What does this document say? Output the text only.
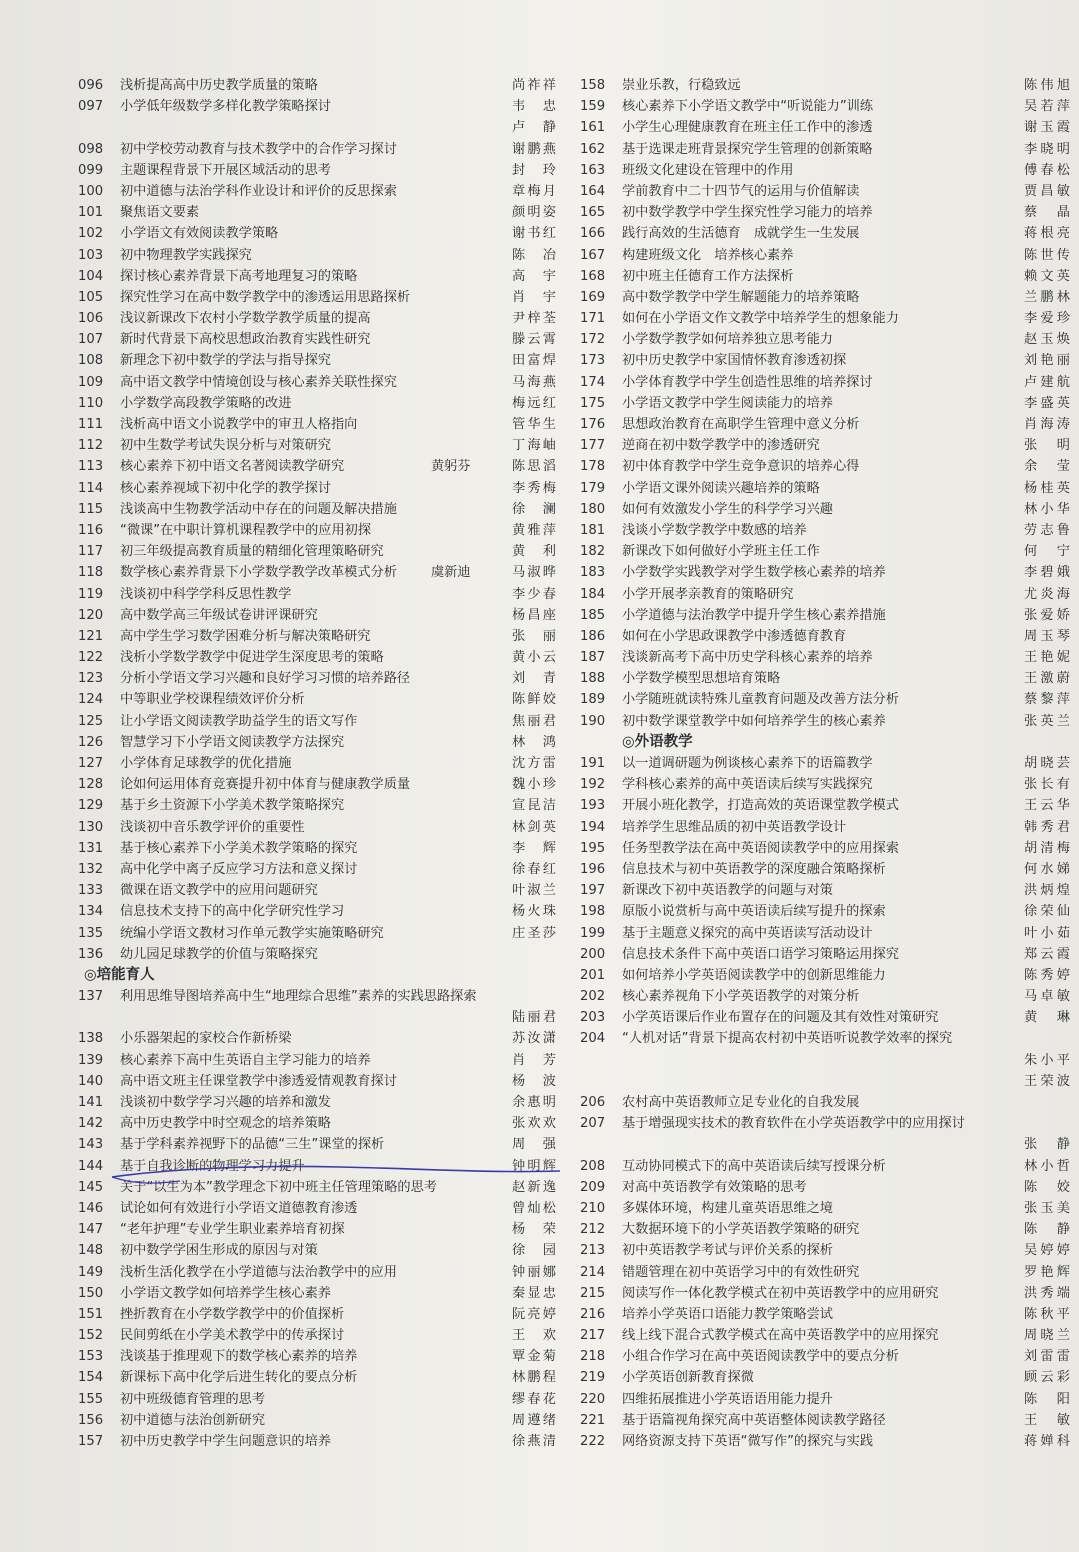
096	浅析提高高中历史教学质量的策略	尚祚祥
097	小学低年级数学多样化教学策略探讨	韦　忠
卢　静
098	初中学校劳动教育与技术教学中的合作学习探讨	谢鹏燕
099	主题课程背景下开展区域活动的思考	封　玲
100	初中道德与法治学科作业设计和评价的反思探索	章梅月
101	聚焦语文要素	颜明姿
102	小学语文有效阅读教学策略	谢书红
103	初中物理教学实践探究	陈　冶
104	探讨核心素养背景下高考地理复习的策略	高　宇
105	探究性学习在高中数学教学中的渗透运用思路探析	肖　宇
106	浅议新课改下农村小学数学教学质量的提高	尹梓荃
107	新时代背景下高校思想政治教育实践性研究	滕云霄
108	新理念下初中数学的学法与指导探究	田富焊
109	高中语文教学中情境创设与核心素养关联性探究	马海燕
110	小学数学高段教学策略的改进	梅远红
111	浅析高中语文小说教学中的审丑人格指向	管华生
112	初中生数学考试失误分析与对策研究	丁海岫
113	核心素养下初中语文名著阅读教学研究	黄躬芬	陈思滔
114	核心素养视域下初中化学的教学探讨	李秀梅
115	浅谈高中生物教学活动中存在的问题及解决措施	徐　澜
116	“微课”在中职计算机课程教学中的应用初探	黄雅萍
117	初三年级提高教育质量的精细化管理策略研究	黄　利
118	数学核心素养背景下小学数学教学改革模式分析	虞新迪	马淑晔
119	浅谈初中科学学科反思性教学	李少春
120	高中数学高三年级试卷讲评课研究	杨昌座
121	高中学生学习数学困难分析与解决策略研究	张　丽
122	浅析小学数学教学中促进学生深度思考的策略	黄小云
123	分析小学语文学习兴趣和良好学习习惯的培养路径	刘　青
124	中等职业学校课程绩效评价分析	陈鲜姣
125	让小学语文阅读教学助益学生的语文写作	焦丽君
126	智慧学习下小学语文阅读教学方法探究	林　鸿
127	小学体育足球教学的优化措施	沈方雷
128	论如何运用体育竞赛提升初中体育与健康教学质量	魏小珍
129	基于乡土资源下小学美术教学策略探究	宣昆洁
130	浅谈初中音乐教学评价的重要性	林剑英
131	基于核心素养下小学美术教学策略的探究	李　辉
132	高中化学中离子反应学习方法和意义探讨	徐春红
133	微课在语文教学中的应用问题研究	叶淑兰
134	信息技术支持下的高中化学研究性学习	杨火珠
135	统编小学语文教材习作单元教学实施策略研究	庄圣莎
136	幼儿园足球教学的价值与策略探究
◎培能育人
137	利用思维导图培养高中生“地理综合思维”素养的实践思路探索
陆丽君
138	小乐器架起的家校合作新桥梁	苏汝潇
139	核心素养下高中生英语自主学习能力的培养	肖　芳
140	高中语文班主任课堂教学中渗透爱情观教育探讨	杨　波
141	浅谈初中数学学习兴趣的培养和激发	余惠明
142	高中历史教学中时空观念的培养策略	张欢欢
143	基于学科素养视野下的品德“三生”课堂的探析	周　强
144	基于自我诊断的物理学习力提升	钟明辉
145	关于“以生为本”教学理念下初中班主任管理策略的思考	赵新逸
146	试论如何有效进行小学语文道德教育渗透	曾灿松
147	“老年护理”专业学生职业素养培育初探	杨　荣
148	初中数学学困生形成的原因与对策	徐　园
149	浅析生活化教学在小学道德与法治教学中的应用	钟丽娜
150	小学语文教学如何培养学生核心素养	秦显忠
151	挫折教育在小学数学教学中的价值探析	阮亮婷
152	民间剪纸在小学美术教学中的传承探讨	王　欢
153	浅谈基于推理观下的数学核心素养的培养	覃金菊
154	新课标下高中化学后进生转化的要点分析	林鹏程
155	初中班级德育管理的思考	缪春花
156	初中道德与法治创新研究	周遵绪
157	初中历史教学中学生问题意识的培养	徐燕清
158	崇业乐教，行稳致远	陈伟旭
159	核心素养下小学语文教学中“听说能力”训练	吴若萍
161	小学生心理健康教育在班主任工作中的渗透	谢玉霞
162	基于选课走班背景探究学生管理的创新策略	李晓明
163	班级文化建设在管理中的作用	傅春松
164	学前教育中二十四节气的运用与价值解读	贾昌敏
165	初中数学教学中学生探究性学习能力的培养	蔡　晶
166	践行高效的生活德育　成就学生一生发展	蒋根亮
167	构建班级文化　培养核心素养	陈世传
168	初中班主任德育工作方法探析	赖文英
169	高中数学教学中学生解题能力的培养策略	兰鹏林
171	如何在小学语文作文教学中培养学生的想象能力	李爱珍
172	小学数学教学如何培养独立思考能力	赵玉焕
173	初中历史教学中家国情怀教育渗透初探	刘艳丽
174	小学体育教学中学生创造性思维的培养探讨	卢建航
175	小学语文教学中学生阅读能力的培养	李盛英
176	思想政治教育在高职学生管理中意义分析	肖海涛
177	逆商在初中数学教学中的渗透研究	张　明
178	初中体育教学中学生竞争意识的培养心得	余　莹
179	小学语文课外阅读兴趣培养的策略	杨桂英
180	如何有效激发小学生的科学学习兴趣	林小华
181	浅谈小学数学教学中数感的培养	劳志鲁
182	新课改下如何做好小学班主任工作	何　宁
183	小学数学实践教学对学生数学核心素养的培养	李碧娥
184	小学开展孝亲教育的策略研究	尤炎海
185	小学道德与法治教学中提升学生核心素养措施	张爱娇
186	如何在小学思政课教学中渗透德育教育	周玉琴
187	浅谈新高考下高中历史学科核心素养的培养	王艳妮
188	小学数学模型思想培育策略	王激蔚
189	小学随班就读特殊儿童教育问题及改善方法分析	蔡黎萍
190	初中数学课堂教学中如何培养学生的核心素养	张英兰
◎外语教学
191	以一道调研题为例谈核心素养下的语篇教学	胡晓芸
192	学科核心素养的高中英语读后续写实践探究	张长有
193	开展小班化教学，打造高效的英语课堂教学模式	王云华
194	培养学生思维品质的初中英语教学设计	韩秀君
195	任务型教学法在高中英语阅读教学中的应用探索	胡清梅
196	信息技术与初中英语教学的深度融合策略探析	何水娣
197	新课改下初中英语教学的问题与对策	洪炳煌
198	原版小说赏析与高中英语读后续写提升的探索	徐荣仙
199	基于主题意义探究的高中英语读写活动设计	叶小茹
200	信息技术条件下高中英语口语学习策略运用探究	郑云霞
201	如何培养小学英语阅读教学中的创新思维能力	陈秀婷
202	核心素养视角下小学英语教学的对策分析	马卓敏
203	小学英语课后作业布置存在的问题及其有效性对策研究	黄　琳
204	“人机对话”背景下提高农村初中英语听说教学效率的探究
朱小平
王荣波
206	农村高中英语教师立足专业化的自我发展
207	基于增强现实技术的教育软件在小学英语教学中的应用探讨
张　静
208	互动协同模式下的高中英语读后续写授课分析	林小哲
209	对高中英语教学有效策略的思考	陈　姣
210	多媒体环境，构建儿童英语思维之境	张玉美
212	大数据环境下的小学英语教学策略的研究	陈　静
213	初中英语教学考试与评价关系的探析	吴婷婷
214	错题管理在初中英语学习中的有效性研究	罗艳辉
215	阅读写作一体化教学模式在初中英语教学中的应用研究	洪秀端
216	培养小学英语口语能力教学策略尝试	陈秋平
217	线上线下混合式教学模式在高中英语教学中的应用探究	周晓兰
218	小组合作学习在高中英语阅读教学中的要点分析	刘雷雷
219	小学英语创新教育探微	顾云彩
220	四维拓展推进小学英语语用能力提升	陈　阳
221	基于语篇视角探究高中英语整体阅读教学路径	王　敏
222	网络资源支持下英语“微写作”的探究与实践	蒋婵科
